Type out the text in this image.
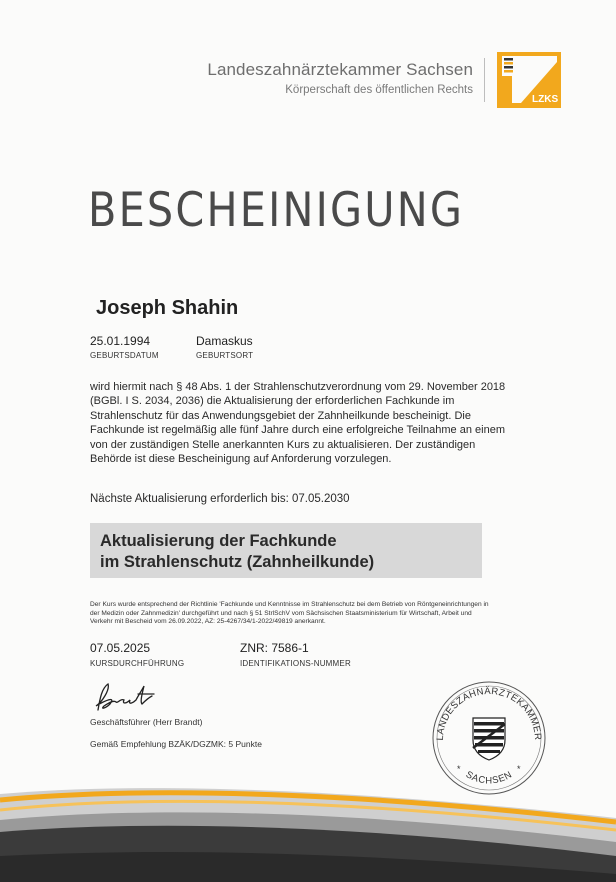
Landeszahnärztekammer Sachsen
Körperschaft des öffentlichen Rechts
LZKS
BESCHEINIGUNG
Joseph Shahin
25.01.1994
GEBURTSDATUM
Damaskus
GEBURTSORT
wird hiermit nach § 48 Abs. 1 der Strahlenschutzverordnung vom 29. November 2018 (BGBl. I S. 2034, 2036) die Aktualisierung der erforderlichen Fachkunde im Strahlenschutz für das Anwendungsgebiet der Zahnheilkunde bescheinigt. Die Fachkunde ist regelmäßig alle fünf Jahre durch eine erfolgreiche Teilnahme an einem von der zuständigen Stelle anerkannten Kurs zu aktualisieren. Der zuständigen Behörde ist diese Bescheinigung auf Anforderung vorzulegen.
Nächste Aktualisierung erforderlich bis: 07.05.2030
Aktualisierung der Fachkunde
im Strahlenschutz (Zahnheilkunde)
Der Kurs wurde entsprechend der Richtlinie 'Fachkunde und Kenntnisse im Strahlenschutz bei dem Betrieb von Röntgeneinrichtungen in der Medizin oder Zahnmedizin' durchgeführt und nach § 51 StrlSchV vom Sächsischen Staatsministerium für Wirtschaft, Arbeit und Verkehr mit Bescheid vom 26.09.2022, AZ: 25-4267/34/1-2022/49819 anerkannt.
07.05.2025
KURSDURCHFÜHRUNG
ZNR: 7586-1
IDENTIFIKATIONS-NUMMER
Geschäftsführer (Herr Brandt)
Gemäß Empfehlung BZÄK/DGZMK: 5 Punkte
LANDESZAHNÄRZTEKAMMER
SACHSEN
*	*
